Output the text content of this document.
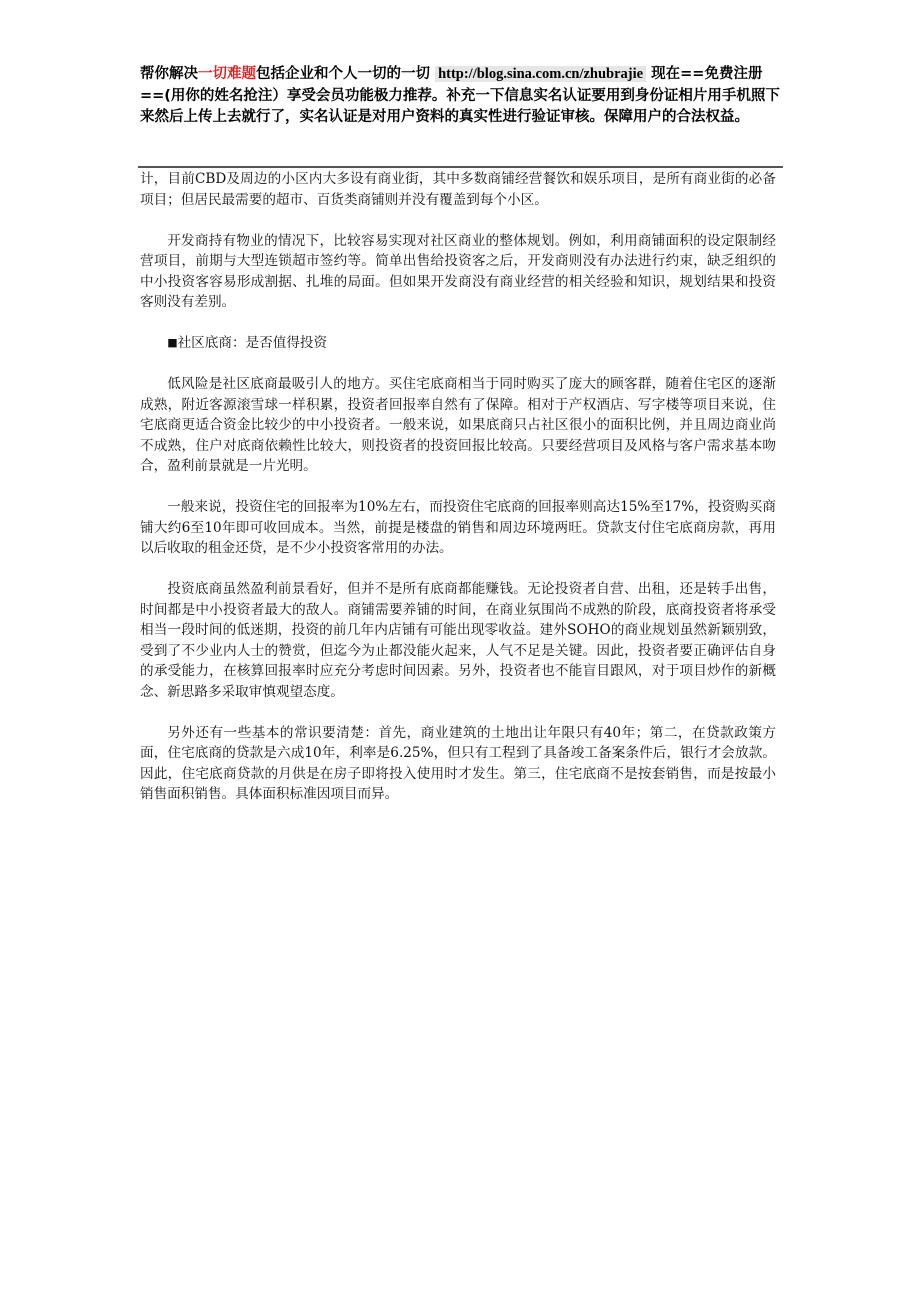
帮你解决一切难题包括企业和个人一切的一切 http://blog.sina.com.cn/zhubrajie 现在==免费注册==(用你的姓名抢注）享受会员功能极力推荐。补充一下信息实名认证要用到身份证相片用手机照下来然后上传上去就行了，实名认证是对用户资料的真实性进行验证审核。保障用户的合法权益。

计，目前CBD及周边的小区内大多设有商业街，其中多数商铺经营餐饮和娱乐项目，是所有商业街的必备项目；但居民最需要的超市、百货类商铺则并没有覆盖到每个小区。

开发商持有物业的情况下，比较容易实现对社区商业的整体规划。例如，利用商铺面积的设定限制经营项目，前期与大型连锁超市签约等。简单出售给投资客之后，开发商则没有办法进行约束，缺乏组织的中小投资客容易形成割据、扎堆的局面。但如果开发商没有商业经营的相关经验和知识，规划结果和投资客则没有差别。

■社区底商：是否值得投资

低风险是社区底商最吸引人的地方。买住宅底商相当于同时购买了庞大的顾客群，随着住宅区的逐渐成熟，附近客源滚雪球一样积累，投资者回报率自然有了保障。相对于产权酒店、写字楼等项目来说，住宅底商更适合资金比较少的中小投资者。一般来说，如果底商只占社区很小的面积比例，并且周边商业尚不成熟，住户对底商依赖性比较大，则投资者的投资回报比较高。只要经营项目及风格与客户需求基本吻合，盈利前景就是一片光明。

一般来说，投资住宅的回报率为10%左右，而投资住宅底商的回报率则高达15%至17%，投资购买商铺大约6至10年即可收回成本。当然，前提是楼盘的销售和周边环境两旺。贷款支付住宅底商房款，再用以后收取的租金还贷，是不少小投资客常用的办法。

投资底商虽然盈利前景看好，但并不是所有底商都能赚钱。无论投资者自营、出租，还是转手出售，时间都是中小投资者最大的敌人。商铺需要养铺的时间，在商业氛围尚不成熟的阶段，底商投资者将承受相当一段时间的低迷期，投资的前几年内店铺有可能出现零收益。建外SOHO的商业规划虽然新颖别致，受到了不少业内人士的赞赏，但迄今为止都没能火起来，人气不足是关键。因此，投资者要正确评估自身的承受能力，在核算回报率时应充分考虑时间因素。另外，投资者也不能盲目跟风，对于项目炒作的新概念、新思路多采取审慎观望态度。

另外还有一些基本的常识要清楚：首先，商业建筑的土地出让年限只有40年；第二，在贷款政策方面，住宅底商的贷款是六成10年，利率是6.25%，但只有工程到了具备竣工备案条件后，银行才会放款。因此，住宅底商贷款的月供是在房子即将投入使用时才发生。第三，住宅底商不是按套销售，而是按最小销售面积销售。具体面积标准因项目而异。
